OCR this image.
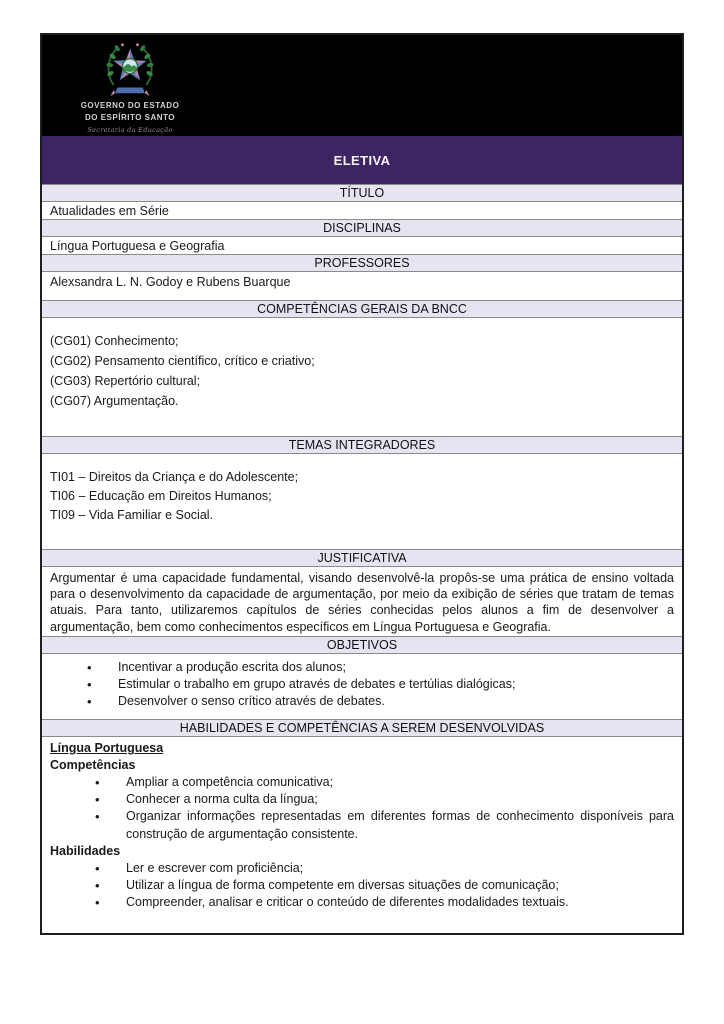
GOVERNO DO ESTADO
DO ESPÍRITO SANTO
Secretaria da Educação
ELETIVA
TÍTULO
Atualidades em Série
DISCIPLINAS
Língua Portuguesa e Geografia
PROFESSORES
Alexsandra L. N. Godoy e Rubens Buarque
COMPETÊNCIAS GERAIS DA BNCC
(CG01) Conhecimento;
(CG02) Pensamento científico, crítico e criativo;
(CG03) Repertório cultural;
(CG07) Argumentação.
TEMAS INTEGRADORES
TI01 – Direitos da Criança e do Adolescente;
TI06 – Educação em Direitos Humanos;
TI09 – Vida Familiar e Social.
JUSTIFICATIVA
Argumentar é uma capacidade fundamental, visando desenvolvê-la propôs-se uma prática de ensino voltada para o desenvolvimento da capacidade de argumentação, por meio da exibição de séries que tratam de temas atuais. Para tanto, utilizaremos capítulos de séries conhecidas pelos alunos a fim de desenvolver a argumentação, bem como conhecimentos específicos em Língua Portuguesa e Geografia.
OBJETIVOS
• Incentivar a produção escrita dos alunos;
• Estimular o trabalho em grupo através de debates e tertúlias dialógicas;
• Desenvolver o senso crítico através de debates.
HABILIDADES E COMPETÊNCIAS A SEREM DESENVOLVIDAS
Língua Portuguesa
Competências
• Ampliar a competência comunicativa;
• Conhecer a norma culta da língua;
• Organizar informações representadas em diferentes formas de conhecimento disponíveis para construção de argumentação consistente.
Habilidades
• Ler e escrever com proficiência;
• Utilizar a língua de forma competente em diversas situações de comunicação;
• Compreender, analisar e criticar o conteúdo de diferentes modalidades textuais.
